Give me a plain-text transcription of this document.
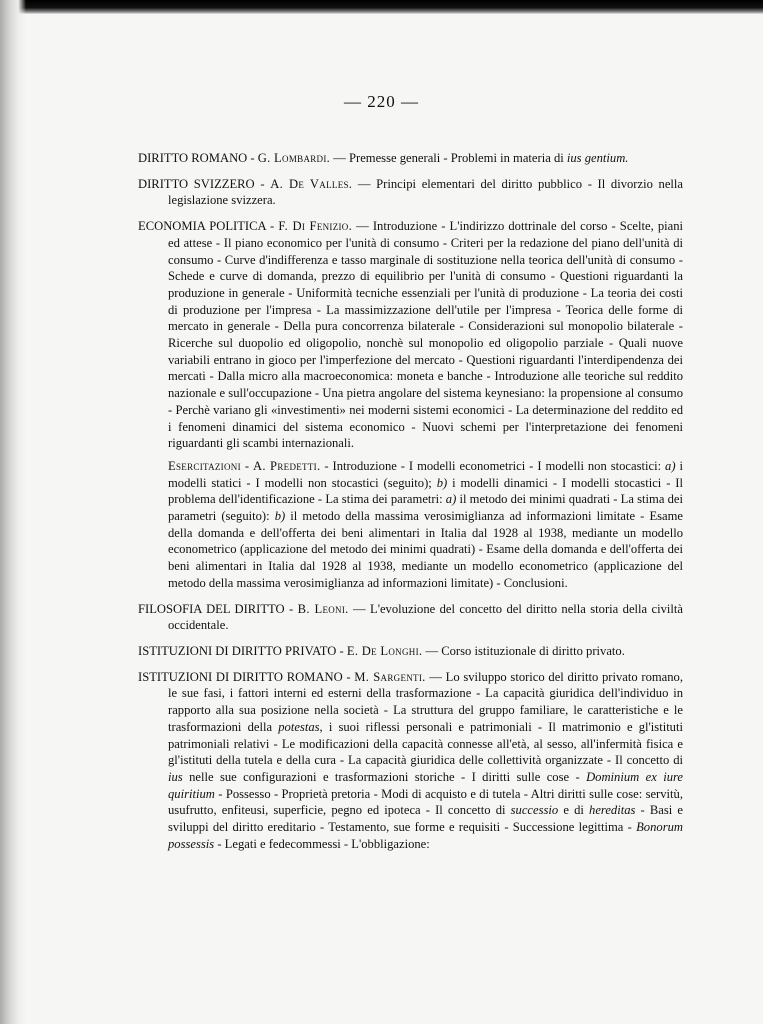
— 220 —
DIRITTO ROMANO - G. Lombardi. — Premesse generali - Problemi in materia di ius gentium.
DIRITTO SVIZZERO - A. De Valles. — Principi elementari del diritto pubblico - Il divorzio nella legislazione svizzera.
ECONOMIA POLITICA - F. Di Fenizio. — Introduzione - L'indirizzo dottrinale del corso - Scelte, piani ed attese - Il piano economico per l'unità di consumo - Criteri per la redazione del piano dell'unità di consumo - Curve d'indifferenza e tasso marginale di sostituzione nella teorica dell'unità di consumo - Schede e curve di domanda, prezzo di equilibrio per l'unità di consumo - Questioni riguardanti la produzione in generale - Uniformità tecniche essenziali per l'unità di produzione - La teoria dei costi di produzione per l'impresa - La massimizzazione dell'utile per l'impresa - Teorica delle forme di mercato in generale - Della pura concorrenza bilaterale - Considerazioni sul monopolio bilaterale - Ricerche sul duopolio ed oligopolio, nonchè sul monopolio ed oligopolio parziale - Quali nuove variabili entrano in gioco per l'imperfezione del mercato - Questioni riguardanti l'interdipendenza dei mercati - Dalla micro alla macroeconomica: moneta e banche - Introduzione alle teoriche sul reddito nazionale e sull'occupazione - Una pietra angolare del sistema keynesiano: la propensione al consumo - Perchè variano gli «investimenti» nei moderni sistemi economici - La determinazione del reddito ed i fenomeni dinamici del sistema economico - Nuovi schemi per l'interpretazione dei fenomeni riguardanti gli scambi internazionali.
Esercitazioni - A. Predetti. - Introduzione - I modelli econometrici - I modelli non stocastici: a) i modelli statici - I modelli non stocastici (seguito); b) i modelli dinamici - I modelli stocastici - Il problema dell'identificazione - La stima dei parametri: a) il metodo dei minimi quadrati - La stima dei parametri (seguito): b) il metodo della massima verosimiglianza ad informazioni limitate - Esame della domanda e dell'offerta dei beni alimentari in Italia dal 1928 al 1938, mediante un modello econometrico (applicazione del metodo dei minimi quadrati) - Esame della domanda e dell'offerta dei beni alimentari in Italia dal 1928 al 1938, mediante un modello econometrico (applicazione del metodo della massima verosimiglianza ad informazioni limitate) - Conclusioni.
FILOSOFIA DEL DIRITTO - B. Leoni. — L'evoluzione del concetto del diritto nella storia della civiltà occidentale.
ISTITUZIONI DI DIRITTO PRIVATO - E. De Longhi. — Corso istituzionale di diritto privato.
ISTITUZIONI DI DIRITTO ROMANO - M. Sargenti. — Lo sviluppo storico del diritto privato romano, le sue fasi, i fattori interni ed esterni della trasformazione - La capacità giuridica dell'individuo in rapporto alla sua posizione nella società - La struttura del gruppo familiare, le caratteristiche e le trasformazioni della potestas, i suoi riflessi personali e patrimoniali - Il matrimonio e gl'istituti patrimoniali relativi - Le modificazioni della capacità connesse all'età, al sesso, all'infermità fisica e gl'istituti della tutela e della cura - La capacità giuridica delle collettività organizzate - Il concetto di ius nelle sue configurazioni e trasformazioni storiche - I diritti sulle cose - Dominium ex iure quiritium - Possesso - Proprietà pretoria - Modi di acquisto e di tutela - Altri diritti sulle cose: servitù, usufrutto, enfiteusi, superficie, pegno ed ipoteca - Il concetto di successio e di hereditas - Basi e sviluppi del diritto ereditario - Testamento, sue forme e requisiti - Successione legittima - Bonorum possessis - Legati e fedecommessi - L'obbligazione:
